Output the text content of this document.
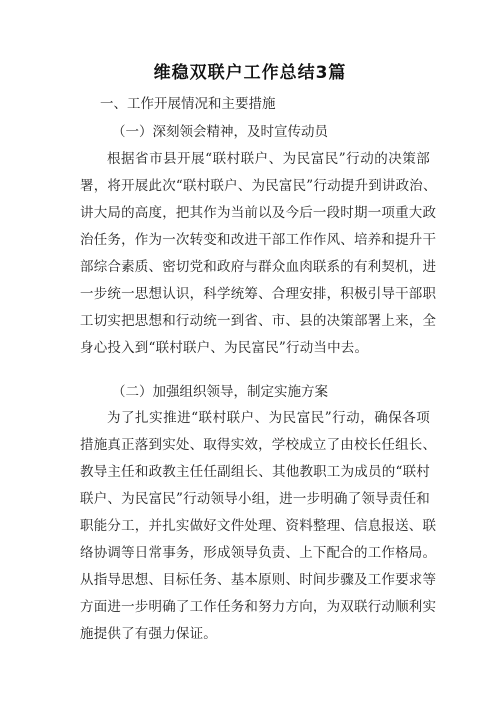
维稳双联户工作总结3篇
一、工作开展情况和主要措施
（一）深刻领会精神，及时宣传动员
根据省市县开展“联村联户、为民富民”行动的决策部
署，将开展此次“联村联户、为民富民”行动提升到讲政治、
讲大局的高度，把其作为当前以及今后一段时期一项重大政
治任务，作为一次转变和改进干部工作作风、培养和提升干
部综合素质、密切党和政府与群众血肉联系的有利契机，进
一步统一思想认识，科学统筹、合理安排，积极引导干部职
工切实把思想和行动统一到省、市、县的决策部署上来，全
身心投入到“联村联户、为民富民”行动当中去。
（二）加强组织领导，制定实施方案
为了扎实推进“联村联户、为民富民”行动，确保各项
措施真正落到实处、取得实效，学校成立了由校长任组长、
教导主任和政教主任任副组长、其他教职工为成员的“联村
联户、为民富民”行动领导小组，进一步明确了领导责任和
职能分工，并扎实做好文件处理、资料整理、信息报送、联
络协调等日常事务，形成领导负责、上下配合的工作格局。
从指导思想、目标任务、基本原则、时间步骤及工作要求等
方面进一步明确了工作任务和努力方向，为双联行动顺利实
施提供了有强力保证。
